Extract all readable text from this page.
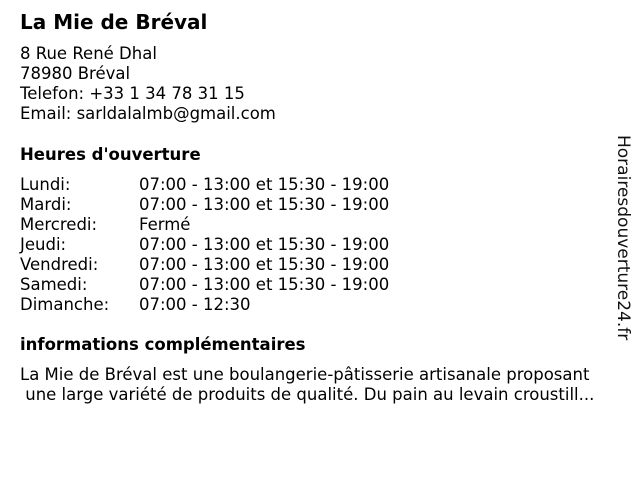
La Mie de Bréval
8 Rue René Dhal
78980 Bréval
Telefon: +33 1 34 78 31 15
Email: sarldalalmb@gmail.com
Heures d'ouverture
Lundi:	07:00 - 13:00 et 15:30 - 19:00
Mardi:	07:00 - 13:00 et 15:30 - 19:00
Mercredi:	Fermé
Jeudi:	07:00 - 13:00 et 15:30 - 19:00
Vendredi: 07:00 - 13:00 et 15:30 - 19:00
Samedi:	07:00 - 13:00 et 15:30 - 19:00
Dimanche: 07:00 - 12:30
informations complémentaires
La Mie de Bréval est une boulangerie-pâtisserie artisanale proposant
une large variété de produits de qualité. Du pain au levain croustill...
Horairesdouverture24.fr
